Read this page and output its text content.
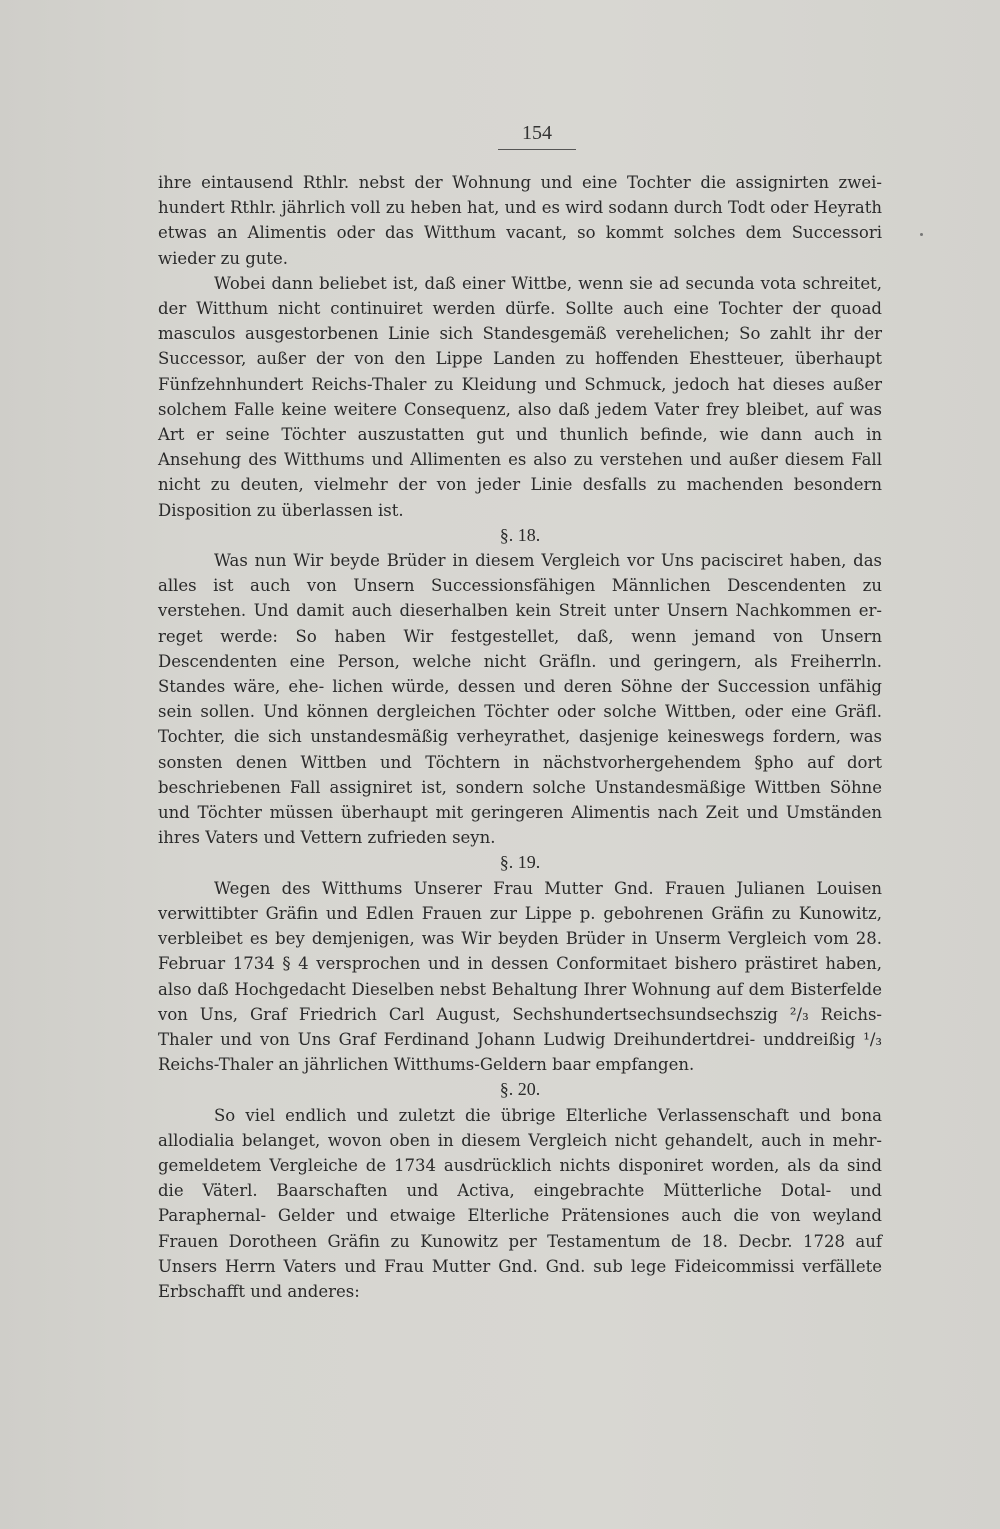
154

ihre eintausend Rthlr. nebst der Wohnung und eine Tochter die assignirten zwei- hundert Rthlr. jährlich voll zu heben hat, und es wird sodann durch Todt oder Heyrath etwas an Alimentis oder das Witthum vacant, so kommt solches dem Successori wieder zu gute.

Wobei dann beliebet ist, daß einer Wittbe, wenn sie ad secunda vota schreitet, der Witthum nicht continuiret werden dürfe. Sollte auch eine Tochter der quoad masculos ausgestorbenen Linie sich Standesgemäß verehelichen; So zahlt ihr der Successor, außer der von den Lippe Landen zu hoffenden Ehestteuer, überhaupt Fünfzehnhundert Reichs-Thaler zu Kleidung und Schmuck, jedoch hat dieses außer solchem Falle keine weitere Consequenz, also daß jedem Vater frey bleibet, auf was Art er seine Töchter auszustatten gut und thunlich befinde, wie dann auch in Ansehung des Witthums und Allimenten es also zu verstehen und außer diesem Fall nicht zu deuten, vielmehr der von jeder Linie desfalls zu machenden besondern Disposition zu überlassen ist.

§. 18.

Was nun Wir beyde Brüder in diesem Vergleich vor Uns pacisciret haben, das alles ist auch von Unsern Successionsfähigen Männlichen Descendenten zu verstehen. Und damit auch dieserhalben kein Streit unter Unsern Nachkommen er- reget werde: So haben Wir festgestellet, daß, wenn jemand von Unsern Descendenten eine Person, welche nicht Gräfln. und geringern, als Freiherrln. Standes wäre, ehe- lichen würde, dessen und deren Söhne der Succession unfähig sein sollen. Und können dergleichen Töchter oder solche Wittben, oder eine Gräfl. Tochter, die sich unstandesmäßig verheyrathet, dasjenige keineswegs fordern, was sonsten denen Wittben und Töchtern in nächstvorhergehendem §pho auf dort beschriebenen Fall assigniret ist, sondern solche Unstandesmäßige Wittben Söhne und Töchter müssen überhaupt mit geringeren Alimentis nach Zeit und Umständen ihres Vaters und Vettern zufrieden seyn.

§. 19.

Wegen des Witthums Unserer Frau Mutter Gnd. Frauen Julianen Louisen verwittibter Gräfin und Edlen Frauen zur Lippe p. gebohrenen Gräfin zu Kunowitz, verbleibet es bey demjenigen, was Wir beyden Brüder in Unserm Vergleich vom 28. Februar 1734 § 4 versprochen und in dessen Conformitaet bishero prästiret haben, also daß Hochgedacht Dieselben nebst Behaltung Ihrer Wohnung auf dem Bisterfelde von Uns, Graf Friedrich Carl August, Sechshundertsechsundsechszig ²/₃ Reichs-Thaler und von Uns Graf Ferdinand Johann Ludwig Dreihundertdrei- unddreißig ¹/₃ Reichs-Thaler an jährlichen Witthums-Geldern baar empfangen.

§. 20.

So viel endlich und zuletzt die übrige Elterliche Verlassenschaft und bona allodialia belanget, wovon oben in diesem Vergleich nicht gehandelt, auch in mehr- gemeldetem Vergleiche de 1734 ausdrücklich nichts disponiret worden, als da sind die Väterl. Baarschaften und Activa, eingebrachte Mütterliche Dotal- und Paraphernal- Gelder und etwaige Elterliche Prätensiones auch die von weyland Frauen Dorotheen Gräfin zu Kunowitz per Testamentum de 18. Decbr. 1728 auf Unsers Herrn Vaters und Frau Mutter Gnd. Gnd. sub lege Fideicommissi verfällete Erbschafft und anderes:
